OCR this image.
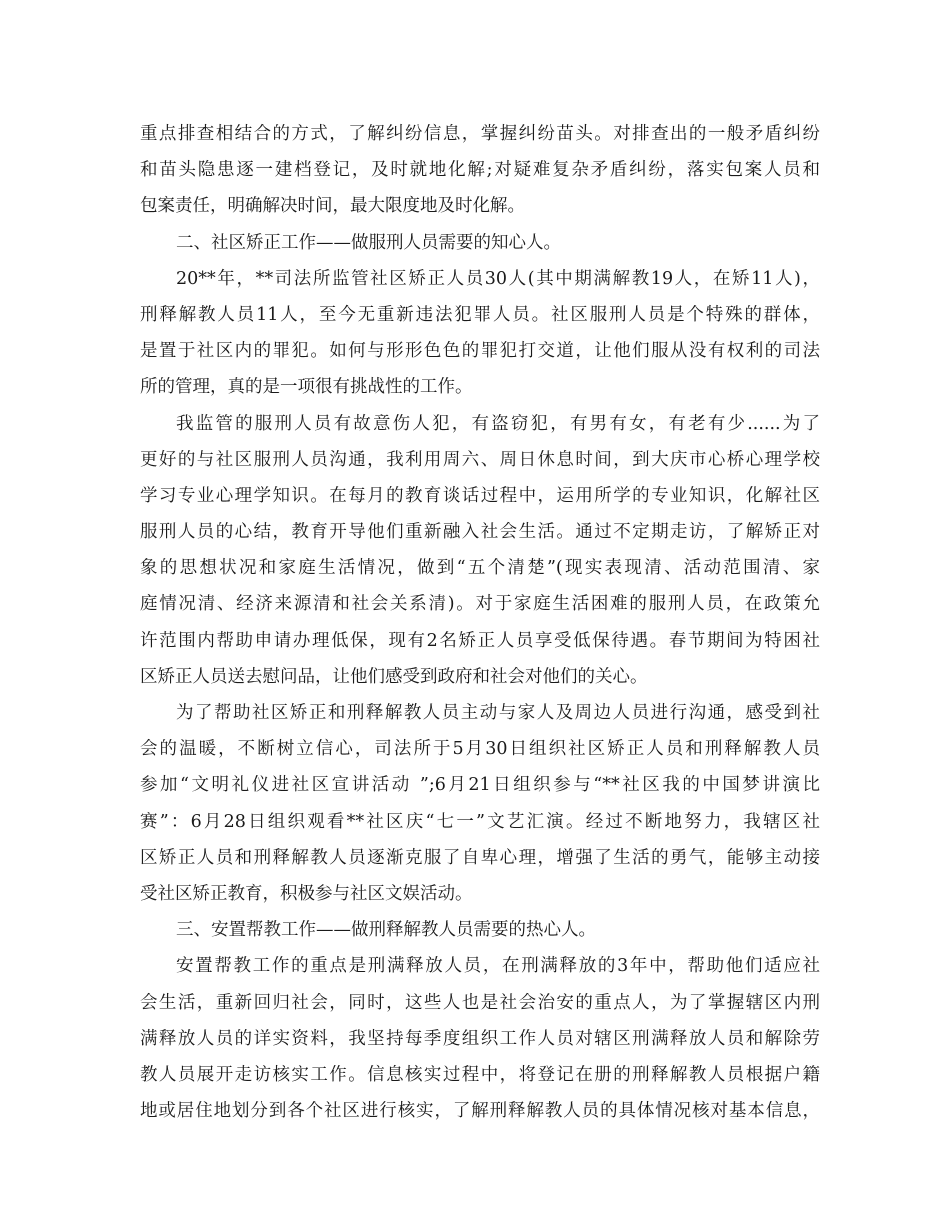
重点排查相结合的方式，了解纠纷信息，掌握纠纷苗头。对排查出的一般矛盾纠纷
和苗头隐患逐一建档登记，及时就地化解;对疑难复杂矛盾纠纷，落实包案人员和
包案责任，明确解决时间，最大限度地及时化解。
二、社区矫正工作——做服刑人员需要的知心人。
20**年，**司法所监管社区矫正人员30人(其中期满解教19人，在矫11人)，
刑释解教人员11人，至今无重新违法犯罪人员。社区服刑人员是个特殊的群体，
是置于社区内的罪犯。如何与形形色色的罪犯打交道，让他们服从没有权利的司法
所的管理，真的是一项很有挑战性的工作。
我监管的服刑人员有故意伤人犯，有盗窃犯，有男有女，有老有少......为了
更好的与社区服刑人员沟通，我利用周六、周日休息时间，到大庆市心桥心理学校
学习专业心理学知识。在每月的教育谈话过程中，运用所学的专业知识，化解社区
服刑人员的心结，教育开导他们重新融入社会生活。通过不定期走访，了解矫正对
象的思想状况和家庭生活情况，做到“五个清楚”(现实表现清、活动范围清、家
庭情况清、经济来源清和社会关系清)。对于家庭生活困难的服刑人员，在政策允
许范围内帮助申请办理低保，现有2名矫正人员享受低保待遇。春节期间为特困社
区矫正人员送去慰问品，让他们感受到政府和社会对他们的关心。
为了帮助社区矫正和刑释解教人员主动与家人及周边人员进行沟通，感受到社
会的温暖，不断树立信心，司法所于5月30日组织社区矫正人员和刑释解教人员
参加“文明礼仪进社区宣讲活动 ”;6月21日组织参与“**社区我的中国梦讲演比
赛”：6月28日组织观看**社区庆“七一”文艺汇演。经过不断地努力，我辖区社
区矫正人员和刑释解教人员逐渐克服了自卑心理，增强了生活的勇气，能够主动接
受社区矫正教育，积极参与社区文娱活动。
三、安置帮教工作——做刑释解教人员需要的热心人。
安置帮教工作的重点是刑满释放人员，在刑满释放的3年中，帮助他们适应社
会生活，重新回归社会，同时，这些人也是社会治安的重点人，为了掌握辖区内刑
满释放人员的详实资料，我坚持每季度组织工作人员对辖区刑满释放人员和解除劳
教人员展开走访核实工作。信息核实过程中，将登记在册的刑释解教人员根据户籍
地或居住地划分到各个社区进行核实，了解刑释解教人员的具体情况核对基本信息，
